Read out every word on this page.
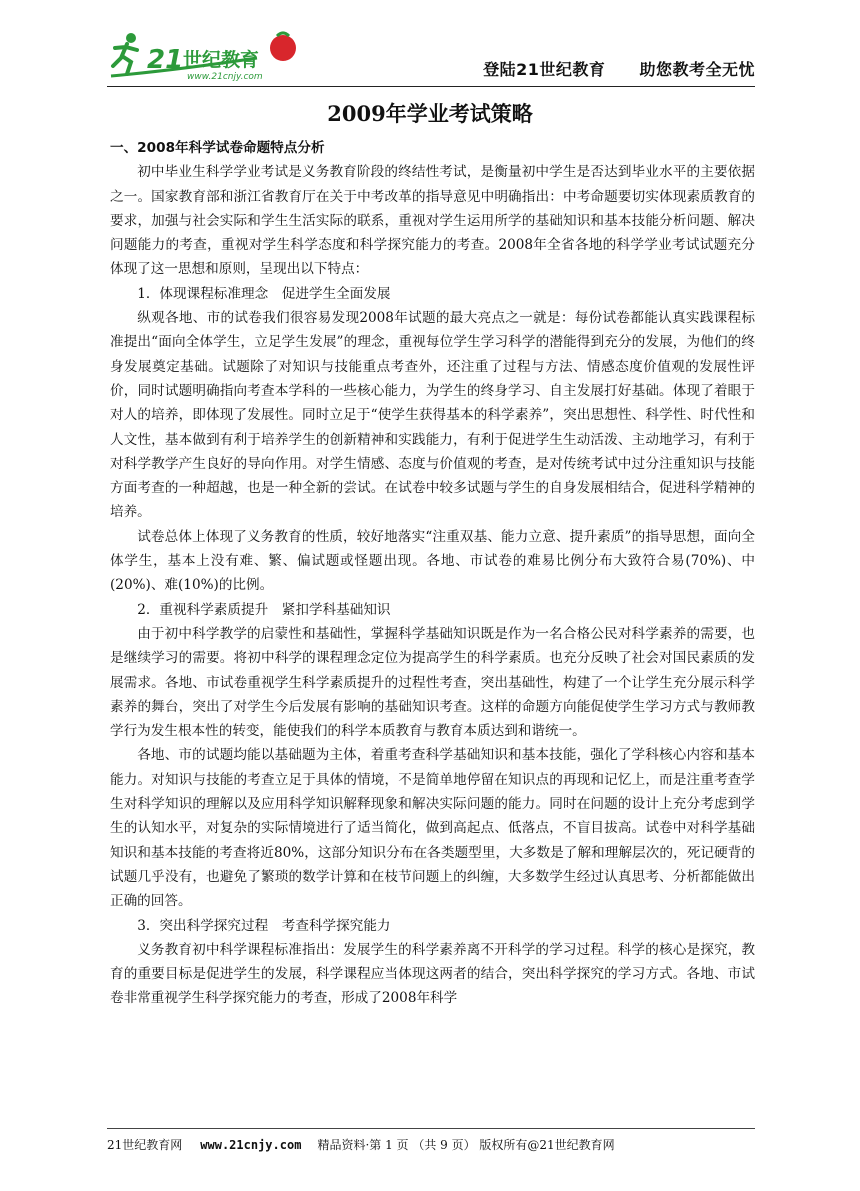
21 世纪教育
www.21cnjy.com	登陆21世纪教育 助您教考全无忧
2009年学业考试策略
一、2008年科学试卷命题特点分析

初中毕业生科学学业考试是义务教育阶段的终结性考试，是衡量初中学生是否达到毕业水平的主要依据之一。国家教育部和浙江省教育厅在关于中考改革的指导意见中明确指出：中考命题要切实体现素质教育的要求，加强与社会实际和学生生活实际的联系，重视对学生运用所学的基础知识和基本技能分析问题、解决问题能力的考查，重视对学生科学态度和科学探究能力的考查。2008年全省各地的科学学业考试试题充分体现了这一思想和原则，呈现出以下特点：

1．体现课程标准理念　促进学生全面发展

纵观各地、市的试卷我们很容易发现2008年试题的最大亮点之一就是：每份试卷都能认真实践课程标准提出“面向全体学生，立足学生发展”的理念，重视每位学生学习科学的潜能得到充分的发展，为他们的终身发展奠定基础。试题除了对知识与技能重点考查外，还注重了过程与方法、情感态度价值观的发展性评价，同时试题明确指向考查本学科的一些核心能力，为学生的终身学习、自主发展打好基础。体现了着眼于对人的培养，即体现了发展性。同时立足于“使学生获得基本的科学素养”，突出思想性、科学性、时代性和人文性，基本做到有利于培养学生的创新精神和实践能力，有利于促进学生生动活泼、主动地学习，有利于对科学教学产生良好的导向作用。对学生情感、态度与价值观的考查，是对传统考试中过分注重知识与技能方面考查的一种超越，也是一种全新的尝试。在试卷中较多试题与学生的自身发展相结合，促进科学精神的培养。

试卷总体上体现了义务教育的性质，较好地落实“注重双基、能力立意、提升素质”的指导思想，面向全体学生，基本上没有难、繁、偏试题或怪题出现。各地、市试卷的难易比例分布大致符合易(70%)、中(20%)、难(10%)的比例。

2．重视科学素质提升　紧扣学科基础知识

由于初中科学教学的启蒙性和基础性，掌握科学基础知识既是作为一名合格公民对科学素养的需要，也是继续学习的需要。将初中科学的课程理念定位为提高学生的科学素质。也充分反映了社会对国民素质的发展需求。各地、市试卷重视学生科学素质提升的过程性考查，突出基础性，构建了一个让学生充分展示科学素养的舞台，突出了对学生今后发展有影响的基础知识考查。这样的命题方向能促使学生学习方式与教师教学行为发生根本性的转变，能使我们的科学本质教育与教育本质达到和谐统一。

各地、市的试题均能以基础题为主体，着重考查科学基础知识和基本技能，强化了学科核心内容和基本能力。对知识与技能的考查立足于具体的情境，不是简单地停留在知识点的再现和记忆上，而是注重考查学生对科学知识的理解以及应用科学知识解释现象和解决实际问题的能力。同时在问题的设计上充分考虑到学生的认知水平，对复杂的实际情境进行了适当简化，做到高起点、低落点，不盲目拔高。试卷中对科学基础知识和基本技能的考查将近80%，这部分知识分布在各类题型里，大多数是了解和理解层次的，死记硬背的试题几乎没有，也避免了繁琐的数学计算和在枝节问题上的纠缠，大多数学生经过认真思考、分析都能做出正确的回答。

3．突出科学探究过程　考查科学探究能力

义务教育初中科学课程标准指出：发展学生的科学素养离不开科学的学习过程。科学的核心是探究，教育的重要目标是促进学生的发展，科学课程应当体现这两者的结合，突出科学探究的学习方式。各地、市试卷非常重视学生科学探究能力的考查，形成了2008年科学

21世纪教育网 www.21cnjy.com 精品资料·第 1 页 （共 9 页） 版权所有@21世纪教育网
